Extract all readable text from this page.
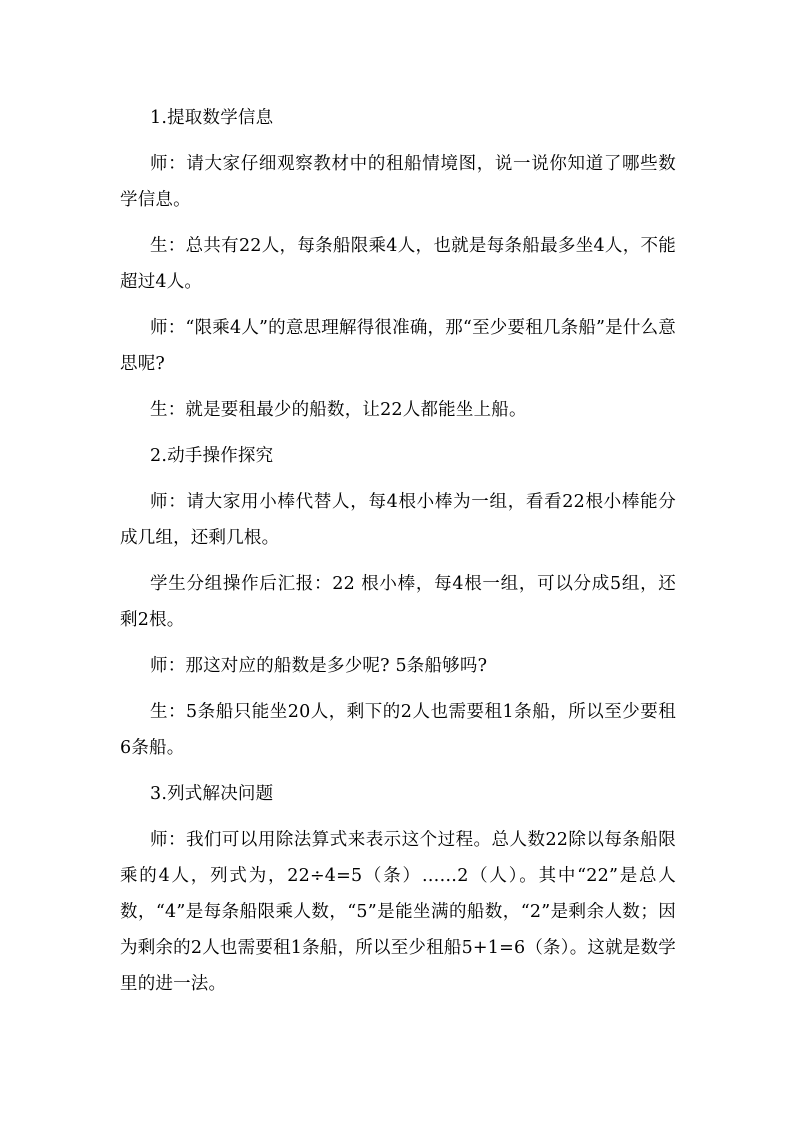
1.提取数学信息

师：请大家仔细观察教材中的租船情境图，说一说你知道了哪些数学信息。

生：总共有22人，每条船限乘4人，也就是每条船最多坐4人，不能超过4人。

师：“限乘4人”的意思理解得很准确，那“至少要租几条船”是什么意思呢?

生：就是要租最少的船数，让22人都能坐上船。

2.动手操作探究

师：请大家用小棒代替人，每4根小棒为一组，看看22根小棒能分成几组，还剩几根。

学生分组操作后汇报：22 根小棒，每4根一组，可以分成5组，还剩2根。

师：那这对应的船数是多少呢? 5条船够吗?

生：5条船只能坐20人，剩下的2人也需要租1条船，所以至少要租6条船。

3.列式解决问题

师：我们可以用除法算式来表示这个过程。总人数22除以每条船限乘的4人，列式为，22÷4=5（条）……2（人）。其中“22”是总人数，“4”是每条船限乘人数，“5”是能坐满的船数，“2”是剩余人数；因为剩余的2人也需要租1条船，所以至少租船5+1=6（条）。这就是数学里的进一法。
